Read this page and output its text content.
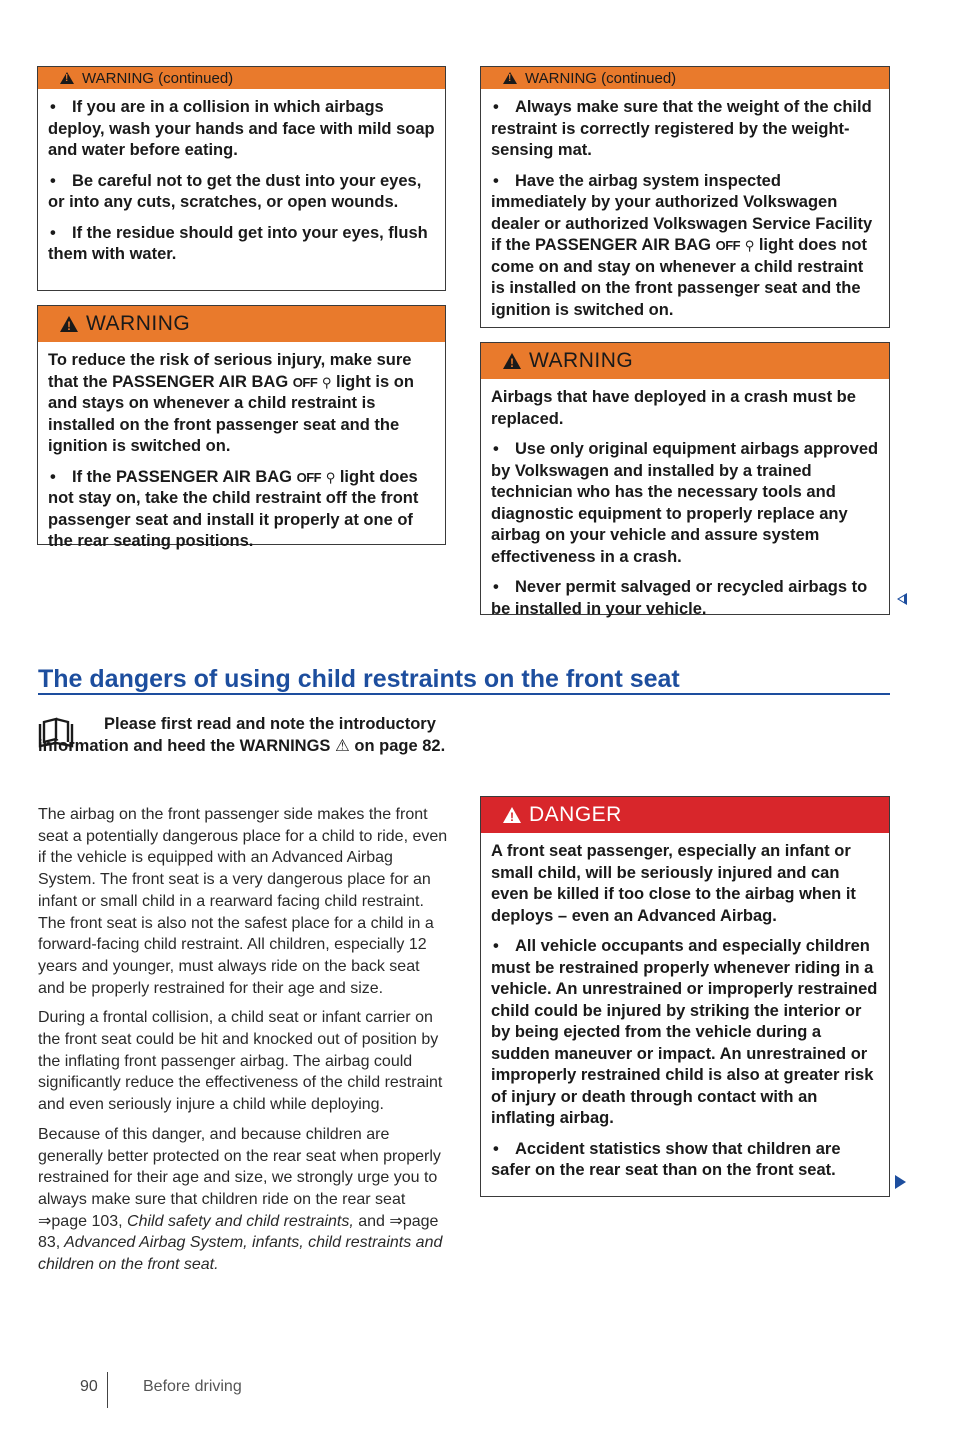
!
WARNING (continued)

• If you are in a collision in which airbags deploy, wash your hands and face with mild soap and water before eating.

• Be careful not to get the dust into your eyes, or into any cuts, scratches, or open wounds.

• If the residue should get into your eyes, flush them with water.

!
WARNING

To reduce the risk of serious injury, make sure that the PASSENGER AIR BAG OFF ⚲ light is on and stays on whenever a child restraint is installed on the front passenger seat and the ignition is switched on.

• If the PASSENGER AIR BAG OFF ⚲ light does not stay on, take the child restraint off the front passenger seat and install it properly at one of the rear seating positions.

!
WARNING (continued)

• Always make sure that the weight of the child restraint is correctly registered by the weight-sensing mat.

• Have the airbag system inspected immediately by your authorized Volkswagen dealer or authorized Volkswagen Service Facility if the PASSENGER AIR BAG OFF ⚲ light does not come on and stay on whenever a child restraint is installed on the front passenger seat and the ignition is switched on.

!
WARNING

Airbags that have deployed in a crash must be replaced.

• Use only original equipment airbags approved by Volkswagen and installed by a trained technician who has the necessary tools and diagnostic equipment to properly replace any airbag on your vehicle and assure system effectiveness in a crash.

• Never permit salvaged or recycled airbags to be installed in your vehicle.

The dangers of using child restraints on the front seat
Please first read and note the introductory information and heed the WARNINGS ⚠ on page 82.

The airbag on the front passenger side makes the front seat a potentially dangerous place for a child to ride, even if the vehicle is equipped with an Advanced Airbag System. The front seat is a very dangerous place for an infant or small child in a rearward facing child restraint. The front seat is also not the safest place for a child in a forward-facing child restraint. All children, especially 12 years and younger, must always ride on the back seat and be properly restrained for their age and size.

During a frontal collision, a child seat or infant carrier on the front seat could be hit and knocked out of position by the inflating front passenger airbag. The airbag could significantly reduce the effectiveness of the child restraint and even seriously injure a child while deploying.

Because of this danger, and because children are generally better protected on the rear seat when properly restrained for their age and size, we strongly urge you to always make sure that children ride on the rear seat ⇒page 103, Child safety and child restraints, and ⇒page 83, Advanced Airbag System, infants, child restraints and children on the front seat.

!
DANGER

A front seat passenger, especially an infant or small child, will be seriously injured and can even be killed if too close to the airbag when it deploys – even an Advanced Airbag.

• All vehicle occupants and especially children must be restrained properly whenever riding in a vehicle. An unrestrained or improperly restrained child could be injured by striking the interior or by being ejected from the vehicle during a sudden maneuver or impact. An unrestrained or improperly restrained child is also at greater risk of injury or death through contact with an inflating airbag.

• Accident statistics show that children are safer on the rear seat than on the front seat.

90	Before driving
